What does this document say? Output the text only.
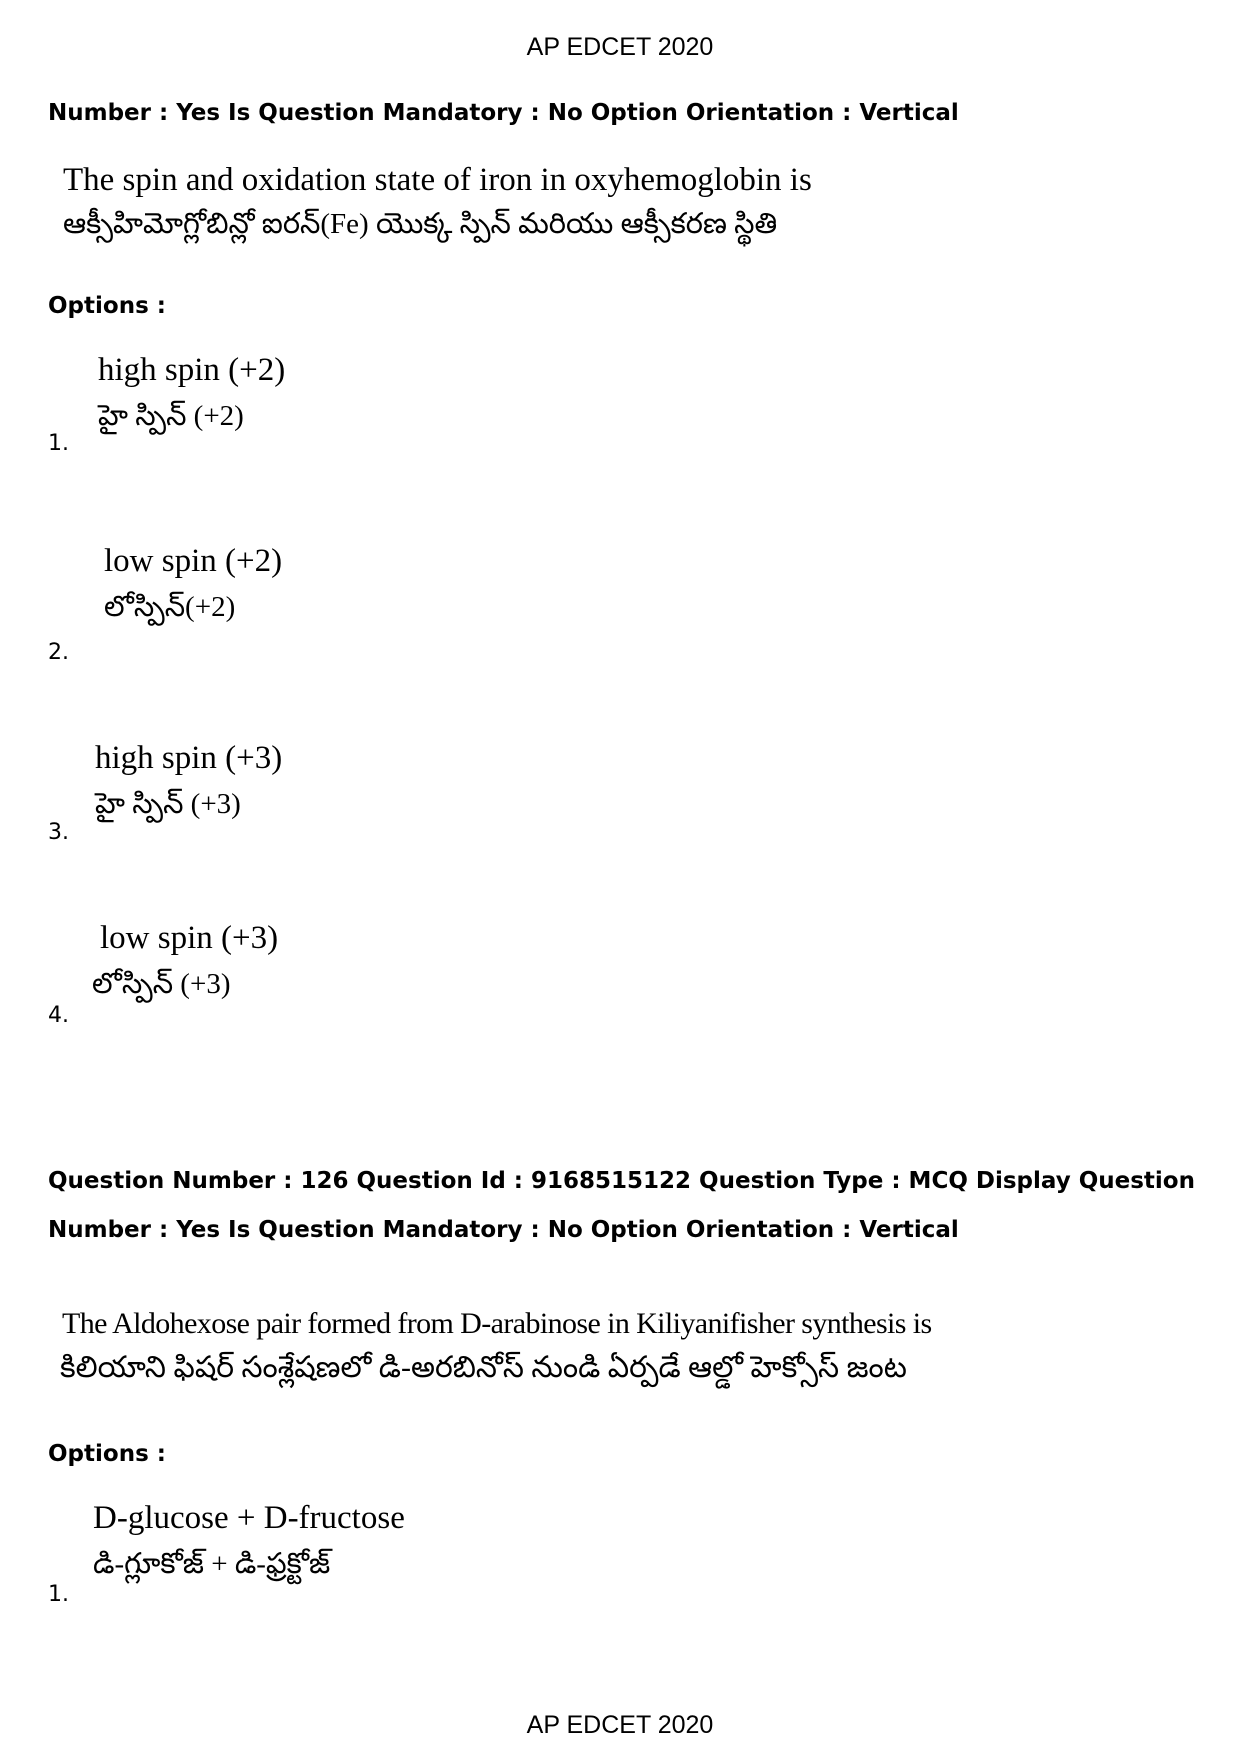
AP EDCET 2020
Number : Yes Is Question Mandatory : No Option Orientation : Vertical
The spin and oxidation state of iron in oxyhemoglobin is
ఆక్సీహిమోగ్లోబిన్లో ఐరన్(Fe) యొక్క స్పిన్ మరియు ఆక్సీకరణ స్థితి
Options :
high spin (+2)
హై స్పిన్ (+2)
1.
low spin (+2)
లోస్పిన్(+2)
2.
high spin (+3)
హై స్పిన్ (+3)
3.
low spin (+3)
లోస్పిన్ (+3)
4.
Question Number : 126 Question Id : 9168515122 Question Type : MCQ Display Question
Number : Yes Is Question Mandatory : No Option Orientation : Vertical
The Aldohexose pair formed from D-arabinose in Kiliyanifisher synthesis is
కిలియాని ఫిషర్ సంశ్లేషణలో డి-అరబినోస్ నుండి ఏర్పడే ఆల్డో హెక్సోస్ జంట
Options :
D-glucose + D-fructose
డి-గ్లూకోజ్ + డి-ఫ్రక్టోజ్
1.
AP EDCET 2020
